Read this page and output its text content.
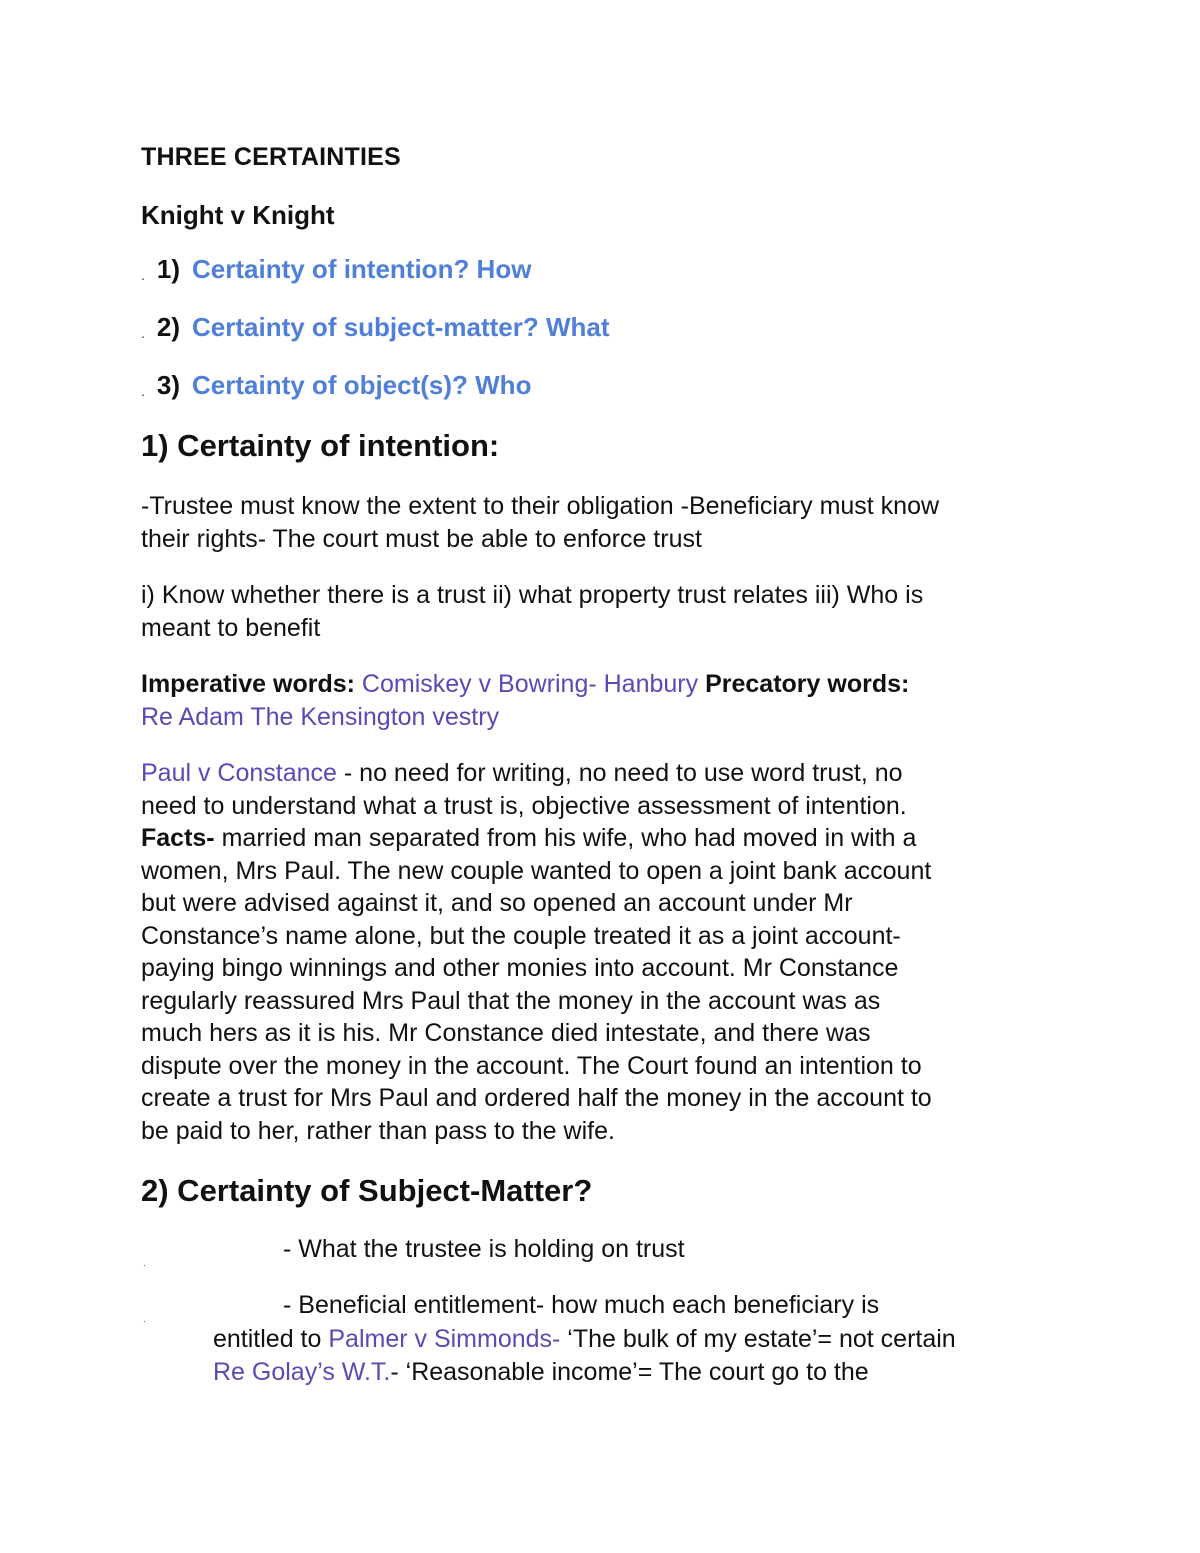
THREE CERTAINTIES
Knight v Knight
. 1) Certainty of intention? How
. 2) Certainty of subject-matter? What
. 3) Certainty of object(s)? Who
1) Certainty of intention:
-Trustee must know the extent to their obligation -Beneficiary must know
their rights- The court must be able to enforce trust
i) Know whether there is a trust ii) what property trust relates iii) Who is
meant to benefit
Imperative words: Comiskey v Bowring- Hanbury Precatory words:
Re Adam The Kensington vestry
Paul v Constance - no need for writing, no need to use word trust, no
need to understand what a trust is, objective assessment of intention.
Facts- married man separated from his wife, who had moved in with a
women, Mrs Paul. The new couple wanted to open a joint bank account
but were advised against it, and so opened an account under Mr
Constance’s name alone, but the couple treated it as a joint account-
paying bingo winnings and other monies into account. Mr Constance
regularly reassured Mrs Paul that the money in the account was as
much hers as it is his. Mr Constance died intestate, and there was
dispute over the money in the account. The Court found an intention to
create a trust for Mrs Paul and ordered half the money in the account to
be paid to her, rather than pass to the wife.
2) Certainty of Subject-Matter?
.
- What the trustee is holding on trust
.
- Beneficial entitlement- how much each beneficiary is
entitled to Palmer v Simmonds- ‘The bulk of my estate’= not certain
Re Golay’s W.T.- ‘Reasonable income’= The court go to the
